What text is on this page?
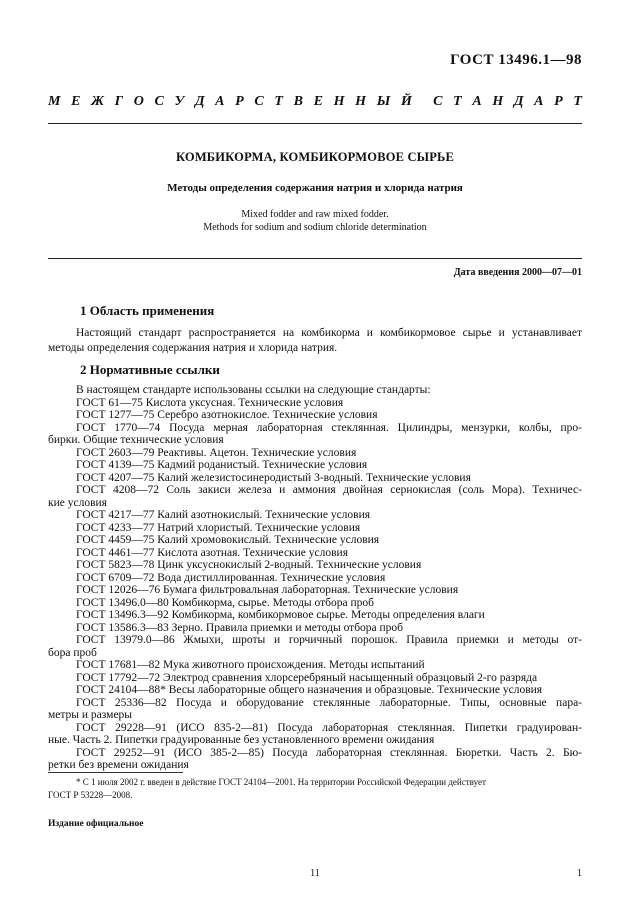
ГОСТ 13496.1—98
М Е Ж Г О С У Д А Р С Т В Е Н Н Ы Й С Т А Н Д А Р Т
КОМБИКОРМА, КОМБИКОРМОВОЕ СЫРЬЕ
Методы определения содержания натрия и хлорида натрия
Mixed fodder and raw mixed fodder.
Methods for sodium and sodium chloride determination
Дата введения 2000—07—01
1 Область применения
Настоящий стандарт распространяется на комбикорма и комбикормовое сырье и устанавливает методы определения содержания натрия и хлорида натрия.
2 Нормативные ссылки
В настоящем стандарте использованы ссылки на следующие стандарты:
ГОСТ 61—75 Кислота уксусная. Технические условия
ГОСТ 1277—75 Серебро азотнокислое. Технические условия
ГОСТ 1770—74 Посуда мерная лабораторная стеклянная. Цилиндры, мензурки, колбы, про-
бирки. Общие технические условия
ГОСТ 2603—79 Реактивы. Ацетон. Технические условия
ГОСТ 4139—75 Кадмий роданистый. Технические условия
ГОСТ 4207—75 Калий железистосинеродистый 3-водный. Технические условия
ГОСТ 4208—72 Соль закиси железа и аммония двойная сернокислая (соль Мора). Техничес-
кие условия
ГОСТ 4217—77 Калий азотнокислый. Технические условия
ГОСТ 4233—77 Натрий хлористый. Технические условия
ГОСТ 4459—75 Калий хромовокислый. Технические условия
ГОСТ 4461—77 Кислота азотная. Технические условия
ГОСТ 5823—78 Цинк уксуснокислый 2-водный. Технические условия
ГОСТ 6709—72 Вода дистиллированная. Технические условия
ГОСТ 12026—76 Бумага фильтровальная лабораторная. Технические условия
ГОСТ 13496.0—80 Комбикорма, сырье. Методы отбора проб
ГОСТ 13496.3—92 Комбикорма, комбикормовое сырье. Методы определения влаги
ГОСТ 13586.3—83 Зерно. Правила приемки и методы отбора проб
ГОСТ 13979.0—86 Жмыхи, шроты и горчичный порошок. Правила приемки и методы от-
бора проб
ГОСТ 17681—82 Мука животного происхождения. Методы испытаний
ГОСТ 17792—72 Электрод сравнения хлорсеребряный насыщенный образцовый 2-го разряда
ГОСТ 24104—88* Весы лабораторные общего назначения и образцовые. Технические условия
ГОСТ 25336—82 Посуда и оборудование стеклянные лабораторные. Типы, основные пара-
метры и размеры
ГОСТ 29228—91 (ИСО 835-2—81) Посуда лабораторная стеклянная. Пипетки градуирован-
ные. Часть 2. Пипетки градуированные без установленного времени ожидания
ГОСТ 29252—91 (ИСО 385-2—85) Посуда лабораторная стеклянная. Бюретки. Часть 2. Бю-
ретки без времени ожидания
* С 1 июля 2002 г. введен в действие ГОСТ 24104—2001. На территории Российской Федерации действует
ГОСТ Р 53228—2008.
Издание официальное
11	1
